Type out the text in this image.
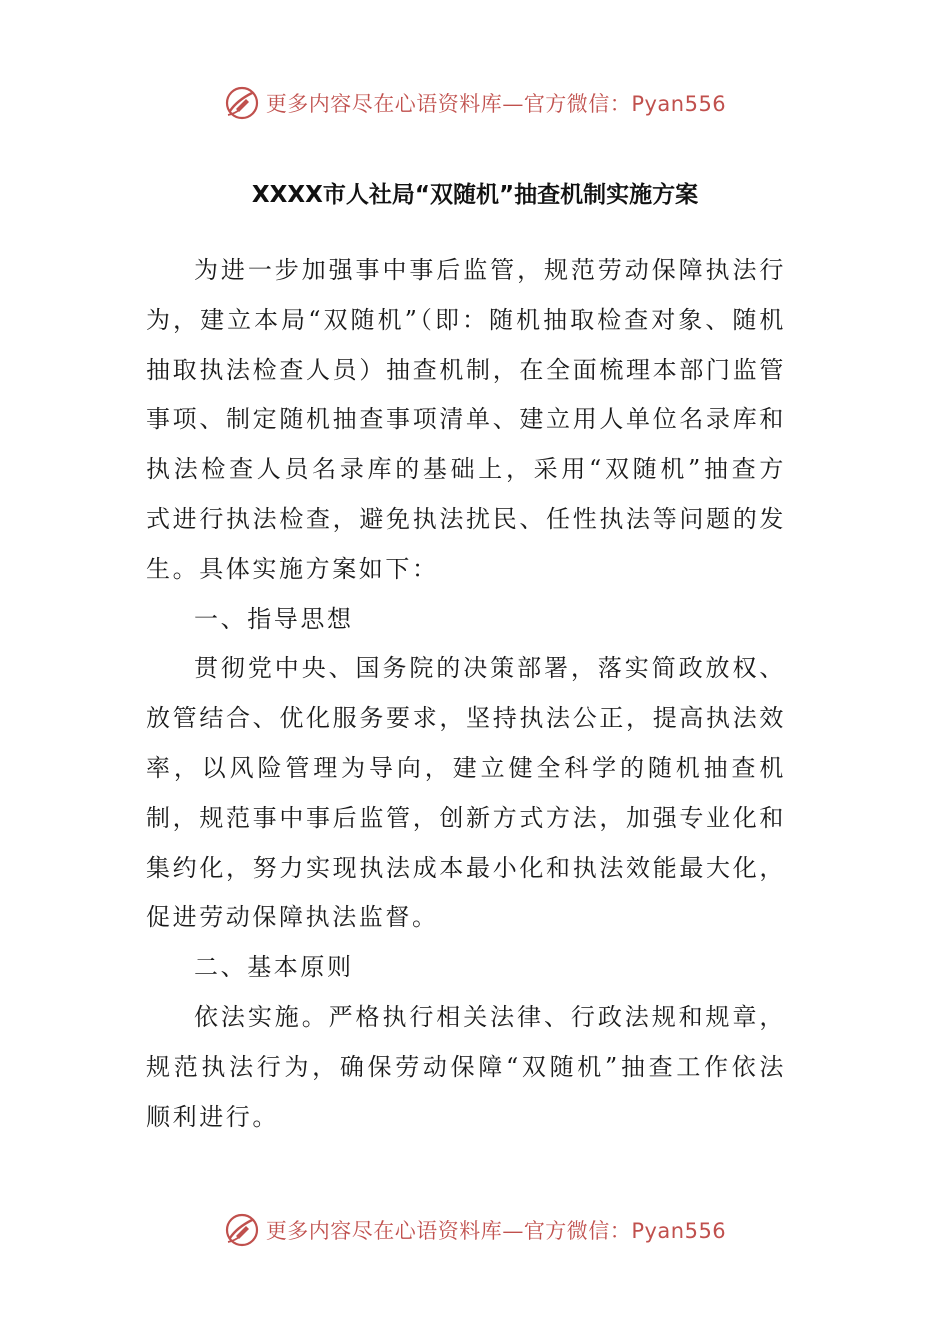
更多内容尽在心语资料库—官方微信：Pyan556
XXXX市人社局“双随机”抽查机制实施方案

为进一步加强事中事后监管，规范劳动保障执法行为，建立本局“双随机”（即：随机抽取检查对象、随机抽取执法检查人员）抽查机制，在全面梳理本部门监管事项、制定随机抽查事项清单、建立用人单位名录库和执法检查人员名录库的基础上，采用“双随机”抽查方式进行执法检查，避免执法扰民、任性执法等问题的发生。具体实施方案如下：

一、指导思想

贯彻党中央、国务院的决策部署，落实简政放权、放管结合、优化服务要求，坚持执法公正，提高执法效率，以风险管理为导向，建立健全科学的随机抽查机制，规范事中事后监管，创新方式方法，加强专业化和集约化，努力实现执法成本最小化和执法效能最大化，促进劳动保障执法监督。

二、基本原则

依法实施。严格执行相关法律、行政法规和规章，规范执法行为，确保劳动保障“双随机”抽查工作依法顺利进行。

更多内容尽在心语资料库—官方微信：Pyan556
